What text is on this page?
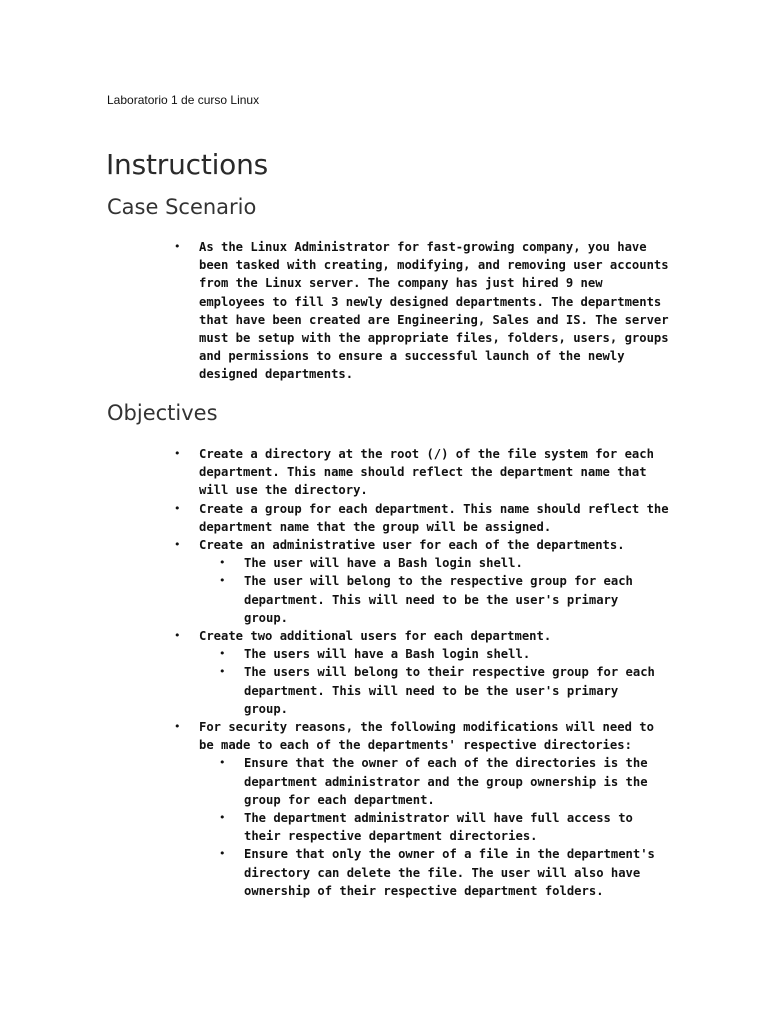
Laboratorio 1 de curso Linux
Instructions
Case Scenario
• As the Linux Administrator for fast-growing company, you have been tasked with creating, modifying, and removing user accounts from the Linux server. The company has just hired 9 new employees to fill 3 newly designed departments. The departments that have been created are Engineering, Sales and IS. The server must be setup with the appropriate files, folders, users, groups and permissions to ensure a successful launch of the newly designed departments.
Objectives
• Create a directory at the root (/) of the file system for each department. This name should reflect the department name that will use the directory.
• Create a group for each department. This name should reflect the department name that the group will be assigned.
• Create an administrative user for each of the departments.
• The user will have a Bash login shell.
• The user will belong to the respective group for each department. This will need to be the user's primary group.
• Create two additional users for each department.
• The users will have a Bash login shell.
• The users will belong to their respective group for each department. This will need to be the user's primary group.
• For security reasons, the following modifications will need to be made to each of the departments' respective directories:
• Ensure that the owner of each of the directories is the department administrator and the group ownership is the group for each department.
• The department administrator will have full access to their respective department directories.
• Ensure that only the owner of a file in the department's directory can delete the file. The user will also have ownership of their respective department folders.
